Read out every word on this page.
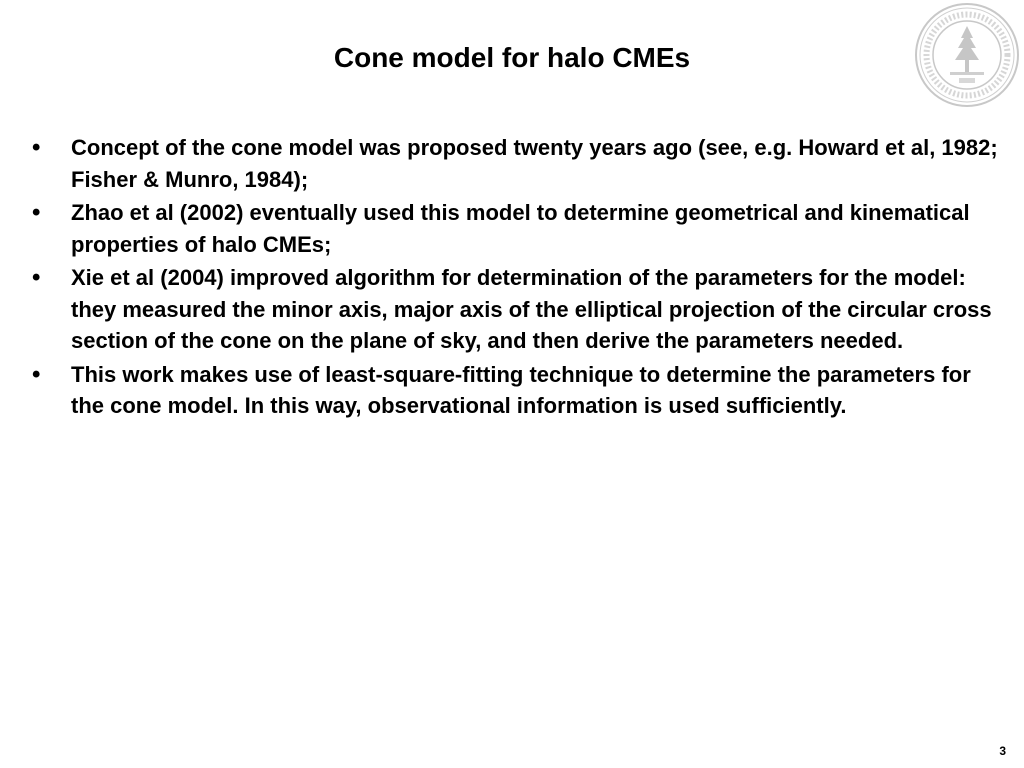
Cone model for halo CMEs
• Concept of the cone model was proposed twenty years ago (see, e.g. Howard et al, 1982; Fisher & Munro, 1984);
• Zhao et al (2002) eventually used this model to determine geometrical and kinematical properties of halo CMEs;
• Xie et al (2004) improved algorithm for determination of the parameters for the model: they measured the minor axis, major axis of the elliptical projection of the circular cross section of the cone on the plane of sky, and then derive the parameters needed.
• This work makes use of least-square-fitting technique to determine the parameters for the cone model. In this way, observational information is used sufficiently.
3
